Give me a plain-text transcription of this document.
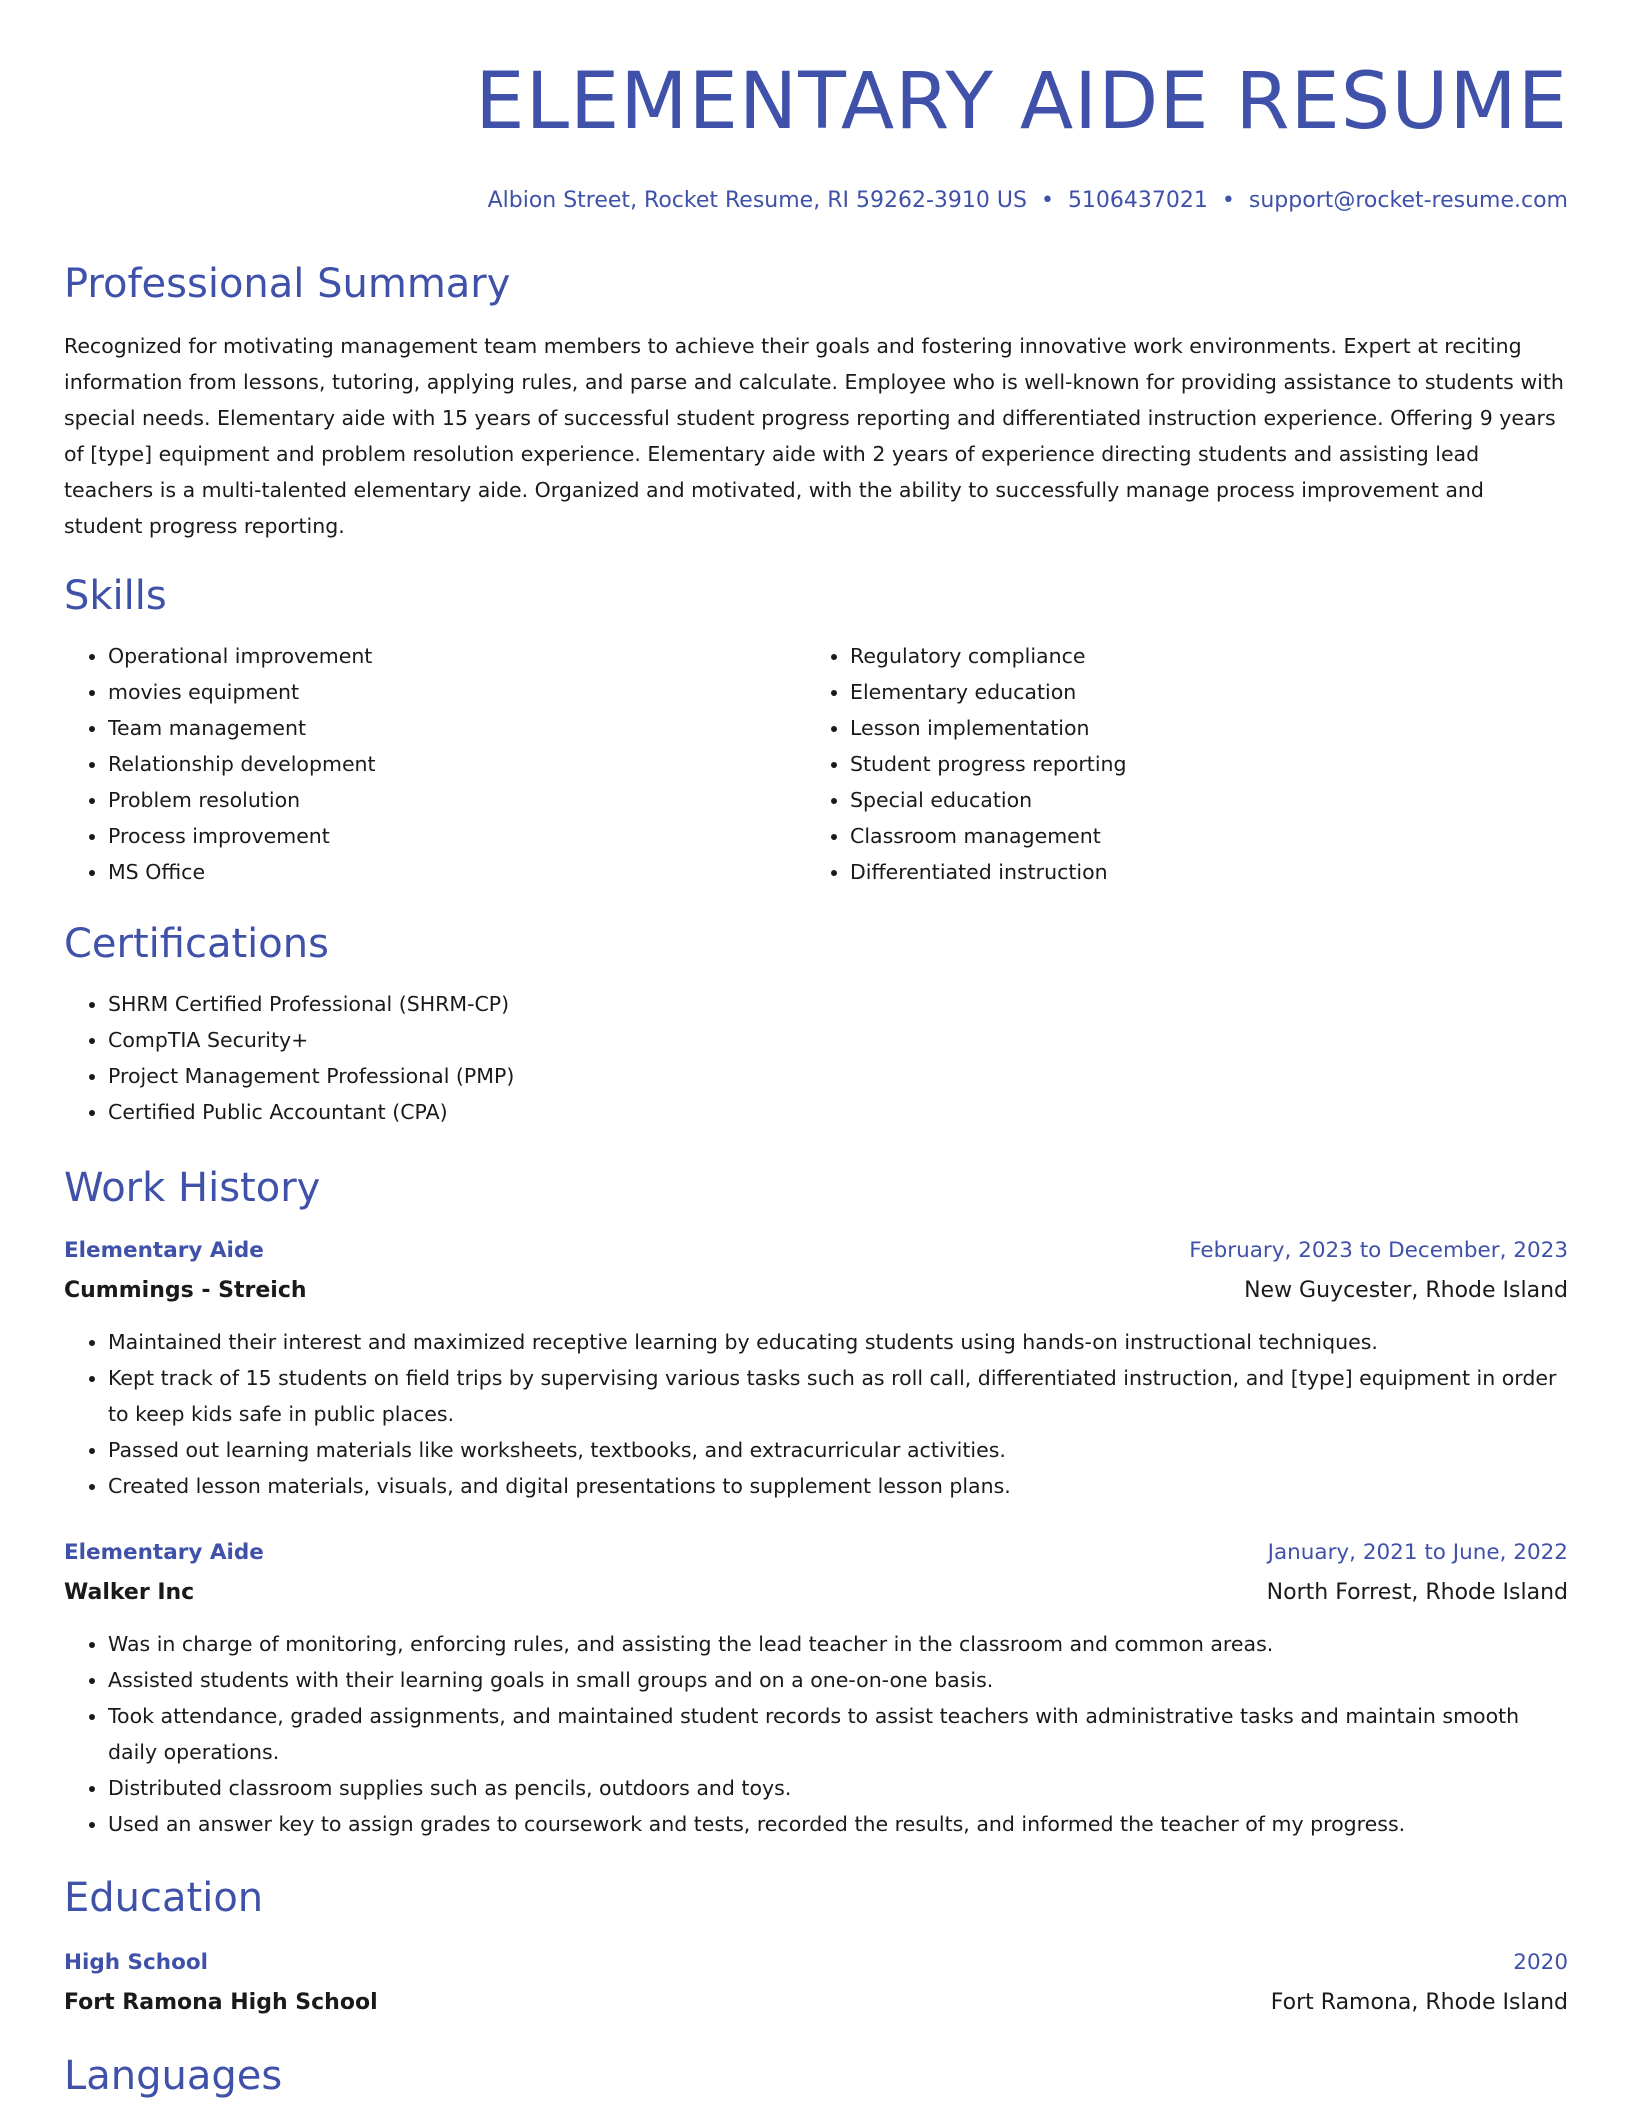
ELEMENTARY AIDE RESUME
Albion Street, Rocket Resume, RI 59262-3910 US • 5106437021 • support@rocket-resume.com
Professional Summary

Recognized for motivating management team members to achieve their goals and fostering innovative work environments. Expert at reciting information from lessons, tutoring, applying rules, and parse and calculate. Employee who is well-known for providing assistance to students with special needs. Elementary aide with 15 years of successful student progress reporting and differentiated instruction experience. Offering 9 years of [type] equipment and problem resolution experience. Elementary aide with 2 years of experience directing students and assisting lead teachers is a multi-talented elementary aide. Organized and motivated, with the ability to successfully manage process improvement and student progress reporting.

Skills
• Operational improvement
• movies equipment
• Team management
• Relationship development
• Problem resolution
• Process improvement
• MS Office
• Regulatory compliance
• Elementary education
• Lesson implementation
• Student progress reporting
• Special education
• Classroom management
• Differentiated instruction
Certifications
• SHRM Certified Professional (SHRM-CP)
• CompTIA Security+
• Project Management Professional (PMP)
• Certified Public Accountant (CPA)
Work History
Elementary Aide	February, 2023 to December, 2023
Cummings - Streich	New Guycester, Rhode Island
• Maintained their interest and maximized receptive learning by educating students using hands-on instructional techniques.
• Kept track of 15 students on field trips by supervising various tasks such as roll call, differentiated instruction, and [type] equipment in order to keep kids safe in public places.
• Passed out learning materials like worksheets, textbooks, and extracurricular activities.
• Created lesson materials, visuals, and digital presentations to supplement lesson plans.
Elementary Aide	January, 2021 to June, 2022
Walker Inc	North Forrest, Rhode Island
• Was in charge of monitoring, enforcing rules, and assisting the lead teacher in the classroom and common areas.
• Assisted students with their learning goals in small groups and on a one-on-one basis.
• Took attendance, graded assignments, and maintained student records to assist teachers with administrative tasks and maintain smooth daily operations.
• Distributed classroom supplies such as pencils, outdoors and toys.
• Used an answer key to assign grades to coursework and tests, recorded the results, and informed the teacher of my progress.
Education
High School	2020
Fort Ramona High School	Fort Ramona, Rhode Island
Languages
